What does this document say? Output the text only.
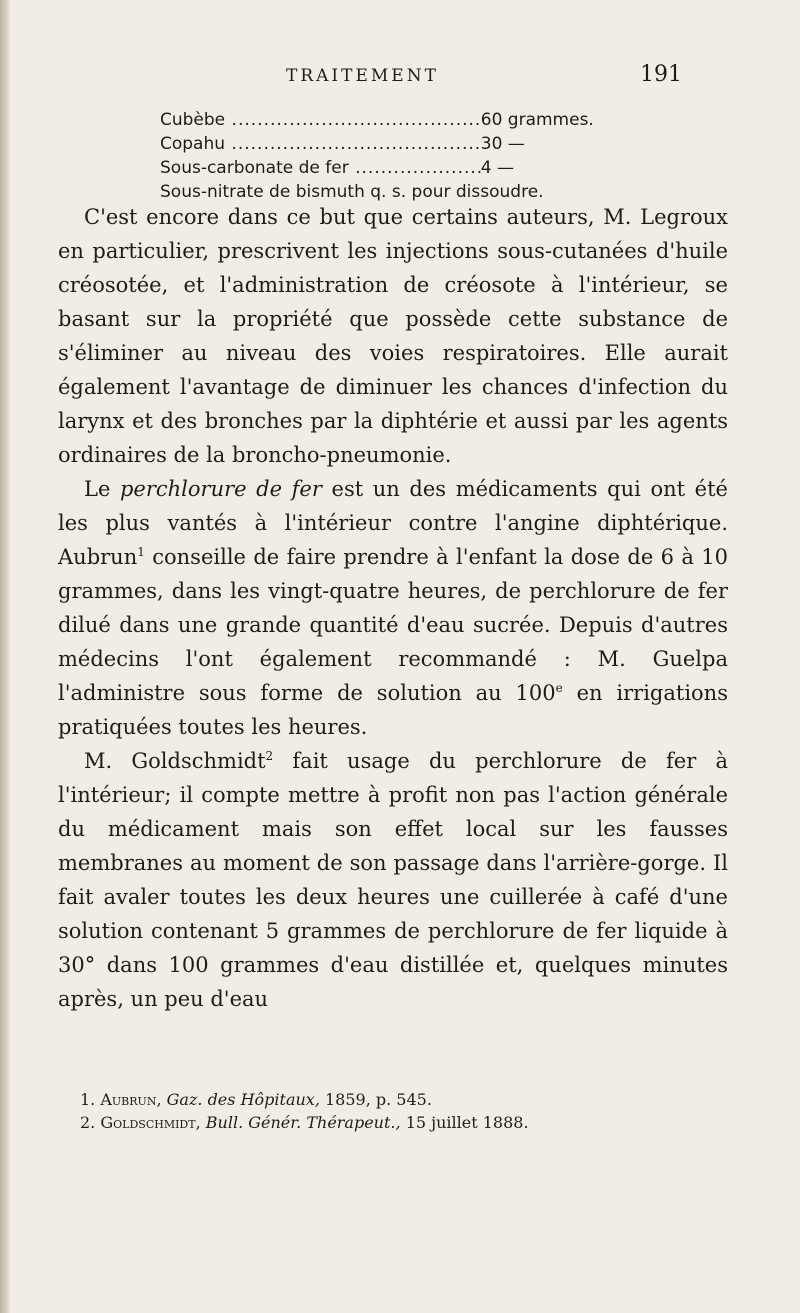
TRAITEMENT	191
Cubèbe .....	60 grammes.
Copahu .....	30 —
Sous-carbonate de fer .....	4 —
Sous-nitrate de bismuth q. s. pour dissoudre.

C'est encore dans ce but que certains auteurs, M. Legroux en particulier, prescrivent les injections sous-cutanées d'huile créosotée, et l'administration de créosote à l'intérieur, se basant sur la propriété que possède cette substance de s'éliminer au niveau des voies respiratoires. Elle aurait également l'avantage de diminuer les chances d'infection du larynx et des bronches par la diphtérie et aussi par les agents ordinaires de la broncho-pneumonie.

Le perchlorure de fer est un des médicaments qui ont été les plus vantés à l'intérieur contre l'angine diphtérique. Aubrun$^1$ conseille de faire prendre à l'enfant la dose de 6 à 10 grammes, dans les vingt-quatre heures, de perchlorure de fer dilué dans une grande quantité d'eau sucrée. Depuis d'autres médecins l'ont également recommandé : M. Guelpa l'administre sous forme de solution au 100e en irrigations pratiquées toutes les heures.

M. Goldschmidt$^2$ fait usage du perchlorure de fer à l'intérieur; il compte mettre à profit non pas l'action générale du médicament mais son effet local sur les fausses membranes au moment de son passage dans l'arrière-gorge. Il fait avaler toutes les deux heures une cuillerée à café d'une solution contenant 5 grammes de perchlorure de fer liquide à 30° dans 100 grammes d'eau distillée et, quelques minutes après, un peu d'eau

1. Aubrun, Gaz. des Hôpitaux, 1859, p. 545.
2. Goldschmidt, Bull. Génér. Thérapeut., 15 juillet 1888.
